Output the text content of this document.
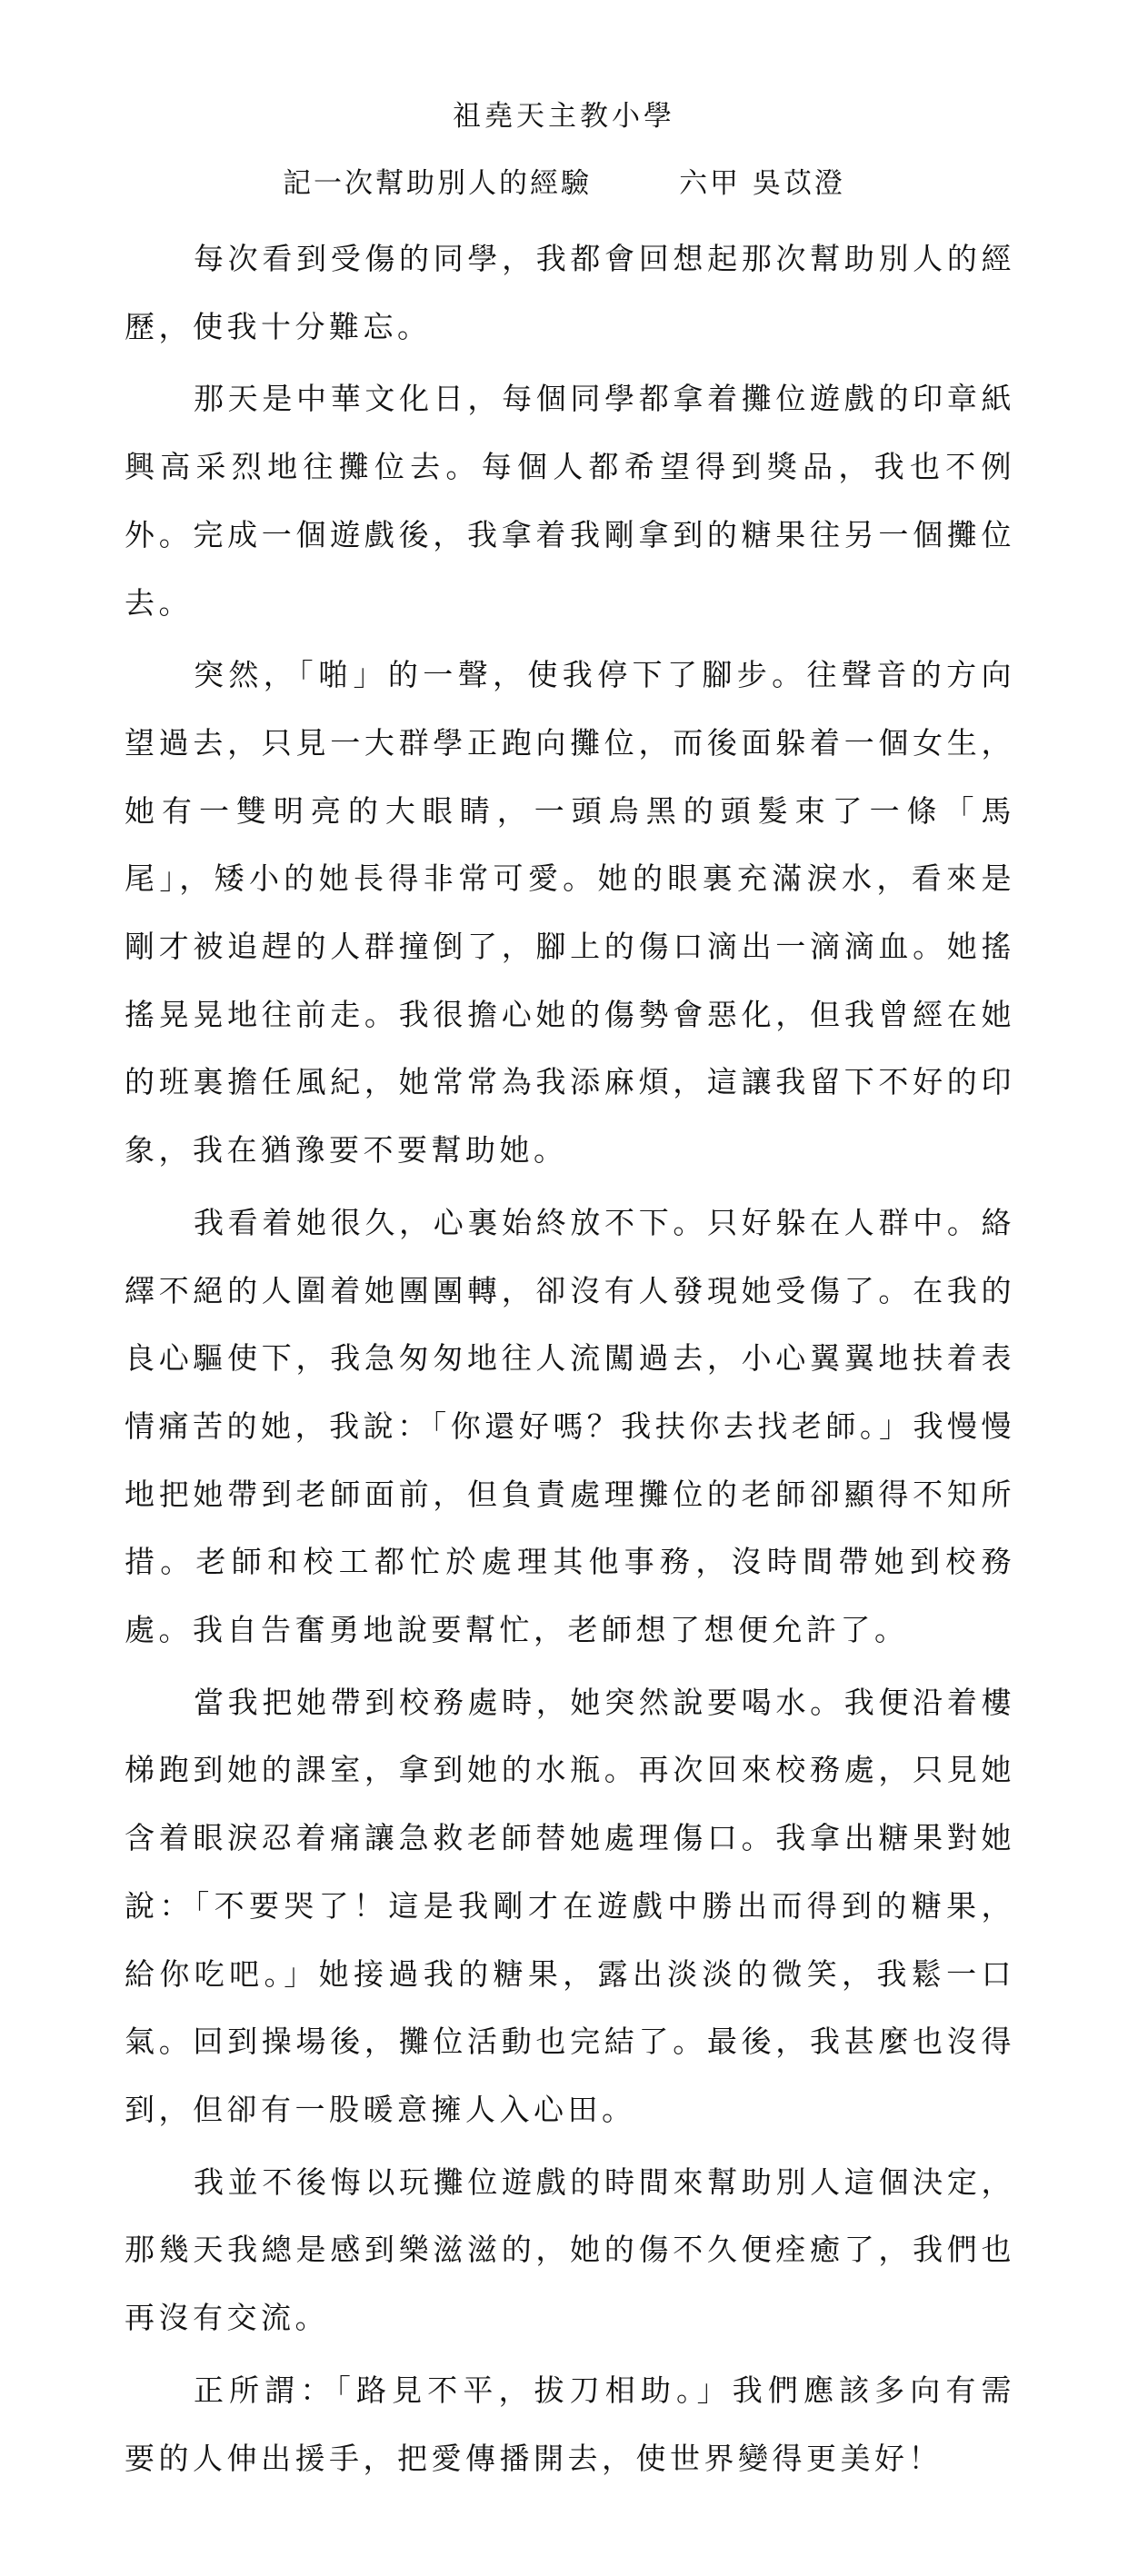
祖堯天主教小學
記一次幫助別人的經驗	六甲 吳苡澄

每次看到受傷的同學，我都會回想起那次幫助別人的經歷，使我十分難忘。

那天是中華文化日，每個同學都拿着攤位遊戲的印章紙興高采烈地往攤位去。每個人都希望得到獎品，我也不例外。完成一個遊戲後，我拿着我剛拿到的糖果往另一個攤位去。

突然，「啪」的一聲，使我停下了腳步。往聲音的方向望過去，只見一大群學正跑向攤位，而後面躲着一個女生，她有一雙明亮的大眼睛，一頭烏黑的頭髮束了一條「馬尾」，矮小的她長得非常可愛。她的眼裏充滿淚水，看來是剛才被追趕的人群撞倒了，腳上的傷口滴出一滴滴血。她搖搖晃晃地往前走。我很擔心她的傷勢會惡化，但我曾經在她的班裏擔任風紀，她常常為我添麻煩，這讓我留下不好的印象，我在猶豫要不要幫助她。

我看着她很久，心裏始終放不下。只好躲在人群中。絡繹不絕的人圍着她團團轉，卻沒有人發現她受傷了。在我的良心驅使下，我急匆匆地往人流闖過去，小心翼翼地扶着表情痛苦的她，我說：「你還好嗎？我扶你去找老師。」我慢慢地把她帶到老師面前，但負責處理攤位的老師卻顯得不知所措。老師和校工都忙於處理其他事務，沒時間帶她到校務處。我自告奮勇地說要幫忙，老師想了想便允許了。

當我把她帶到校務處時，她突然說要喝水。我便沿着樓梯跑到她的課室，拿到她的水瓶。再次回來校務處，只見她含着眼淚忍着痛讓急救老師替她處理傷口。我拿出糖果對她說：「不要哭了！這是我剛才在遊戲中勝出而得到的糖果，給你吃吧。」她接過我的糖果，露出淡淡的微笑，我鬆一口氣。回到操場後，攤位活動也完結了。最後，我甚麼也沒得到，但卻有一股暖意擁人入心田。

我並不後悔以玩攤位遊戲的時間來幫助別人這個決定，那幾天我總是感到樂滋滋的，她的傷不久便痊癒了，我們也再沒有交流。

正所謂：「路見不平，拔刀相助。」我們應該多向有需要的人伸出援手，把愛傳播開去，使世界變得更美好！
